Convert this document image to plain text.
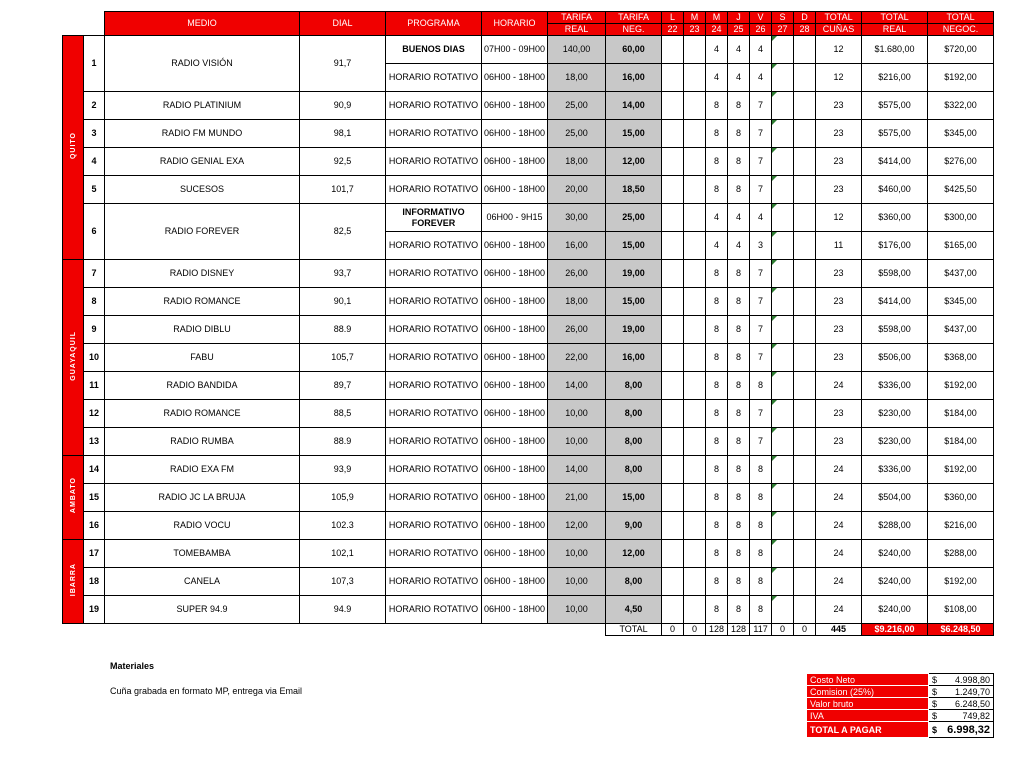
		MEDIO	DIAL	PROGRAMA	HORARIO	TARIFA	TARIFA	L	M	M	J	V	S	D	TOTAL	TOTAL	TOTAL
						REAL	NEG.	22	23	24	25	26	27	28	CUÑAS	REAL	NEGOC.
QUITO	1	RADIO VISIÓN	91,7	BUENOS DIAS	07H00 - 09H00	140,00	60,00			4	4	4			12	$1.680,00	$720,00
				HORARIO ROTATIVO	06H00 - 18H00	18,00	16,00			4	4	4			12	$216,00	$192,00
	2	RADIO PLATINIUM	90,9	HORARIO ROTATIVO	06H00 - 18H00	25,00	14,00			8	8	7			23	$575,00	$322,00
	3	RADIO FM MUNDO	98,1	HORARIO ROTATIVO	06H00 - 18H00	25,00	15,00			8	8	7			23	$575,00	$345,00
	4	RADIO GENIAL EXA	92,5	HORARIO ROTATIVO	06H00 - 18H00	18,00	12,00			8	8	7			23	$414,00	$276,00
	5	SUCESOS	101,7	HORARIO ROTATIVO	06H00 - 18H00	20,00	18,50			8	8	7			23	$460,00	$425,50
	6	RADIO FOREVER	82,5	INFORMATIVO FOREVER	06H00 - 9H15	30,00	25,00			4	4	4			12	$360,00	$300,00
				HORARIO ROTATIVO	06H00 - 18H00	16,00	15,00			4	4	3			11	$176,00	$165,00
GUAYAQUIL	7	RADIO DISNEY	93,7	HORARIO ROTATIVO	06H00 - 18H00	26,00	19,00			8	8	7			23	$598,00	$437,00
	8	RADIO ROMANCE	90,1	HORARIO ROTATIVO	06H00 - 18H00	18,00	15,00			8	8	7			23	$414,00	$345,00
	9	RADIO DIBLU	88.9	HORARIO ROTATIVO	06H00 - 18H00	26,00	19,00			8	8	7			23	$598,00	$437,00
	10	FABU	105,7	HORARIO ROTATIVO	06H00 - 18H00	22,00	16,00			8	8	7			23	$506,00	$368,00
	11	RADIO BANDIDA	89,7	HORARIO ROTATIVO	06H00 - 18H00	14,00	8,00			8	8	8			24	$336,00	$192,00
	12	RADIO ROMANCE	88,5	HORARIO ROTATIVO	06H00 - 18H00	10,00	8,00			8	8	7			23	$230,00	$184,00
	13	RADIO RUMBA	88.9	HORARIO ROTATIVO	06H00 - 18H00	10,00	8,00			8	8	7			23	$230,00	$184,00
AMBATO	14	RADIO EXA FM	93,9	HORARIO ROTATIVO	06H00 - 18H00	14,00	8,00			8	8	8			24	$336,00	$192,00
	15	RADIO JC LA BRUJA	105,9	HORARIO ROTATIVO	06H00 - 18H00	21,00	15,00			8	8	8			24	$504,00	$360,00
	16	RADIO VOCU	102.3	HORARIO ROTATIVO	06H00 - 18H00	12,00	9,00			8	8	8			24	$288,00	$216,00
IBARRA	17	TOMEBAMBA	102,1	HORARIO ROTATIVO	06H00 - 18H00	10,00	12,00			8	8	8			24	$240,00	$288,00
	18	CANELA	107,3	HORARIO ROTATIVO	06H00 - 18H00	10,00	8,00			8	8	8			24	$240,00	$192,00
	19	SUPER 94.9	94.9	HORARIO ROTATIVO	06H00 - 18H00	10,00	4,50			8	8	8			24	$240,00	$108,00
							TOTAL	0	0	128	128	117	0	0	445	$9.216,00	$6.248,50
Materiales
Cuña grabada en formato MP, entrega via Email
Costo Neto	$	4.998,80
Comision (25%)	$	1.249,70
Valor bruto	$	6.248,50
IVA	$	749,82
TOTAL A PAGAR	$	6.998,32
